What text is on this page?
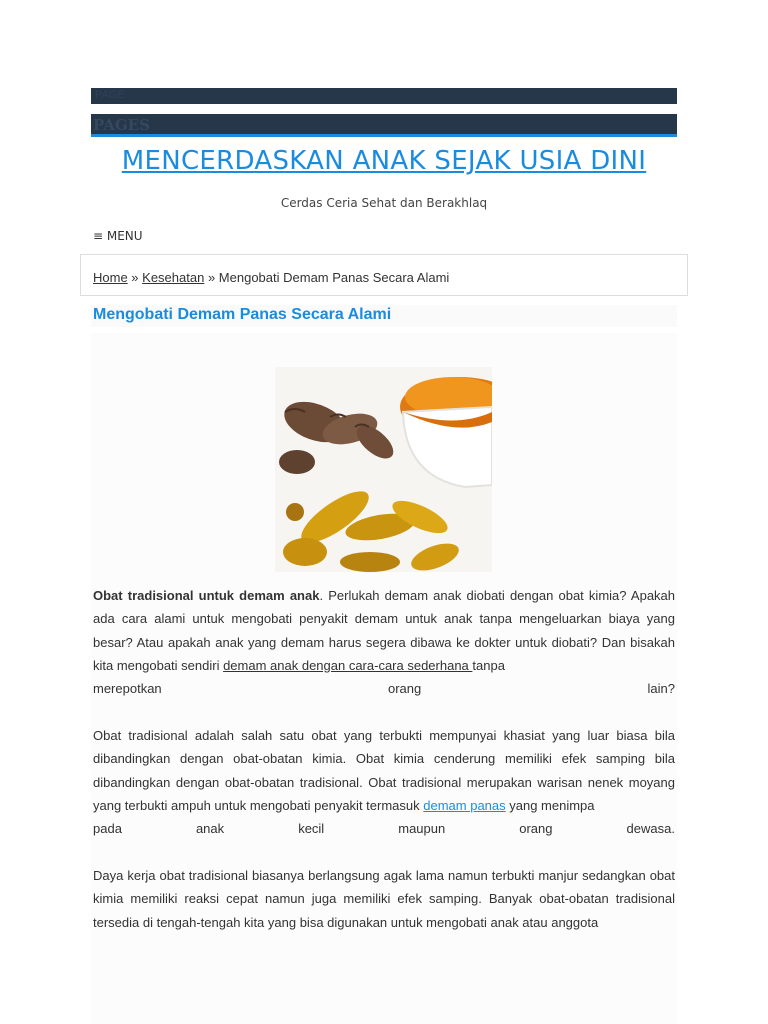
PAGE
PAGES
MENCERDASKAN ANAK SEJAK USIA DINI
Cerdas Ceria Sehat dan Berakhlaq
≡ MENU
Home » Kesehatan » Mengobati Demam Panas Secara Alami
Mengobati Demam Panas Secara Alami
Obat tradisional untuk demam anak. Perlukah demam anak diobati dengan obat kimia? Apakah ada cara alami untuk mengobati penyakit demam untuk anak tanpa mengeluarkan biaya yang besar? Atau apakah anak yang demam harus segera dibawa ke dokter untuk diobati? Dan bisakah kita mengobati sendiri demam anak dengan cara-cara sederhana tanpa
merepotkan	orang	lain?
Obat tradisional adalah salah satu obat yang terbukti mempunyai khasiat yang luar biasa bila dibandingkan dengan obat-obatan kimia. Obat kimia cenderung memiliki efek samping bila dibandingkan dengan obat-obatan tradisional. Obat tradisional merupakan warisan nenek moyang yang terbukti ampuh untuk mengobati penyakit termasuk demam panas yang menimpa
pada	anak	kecil	maupun	orang	dewasa.
Daya kerja obat tradisional biasanya berlangsung agak lama namun terbukti manjur sedangkan obat kimia memiliki reaksi cepat namun juga memiliki efek samping. Banyak obat-obatan tradisional tersedia di tengah-tengah kita yang bisa digunakan untuk mengobati anak atau anggota
